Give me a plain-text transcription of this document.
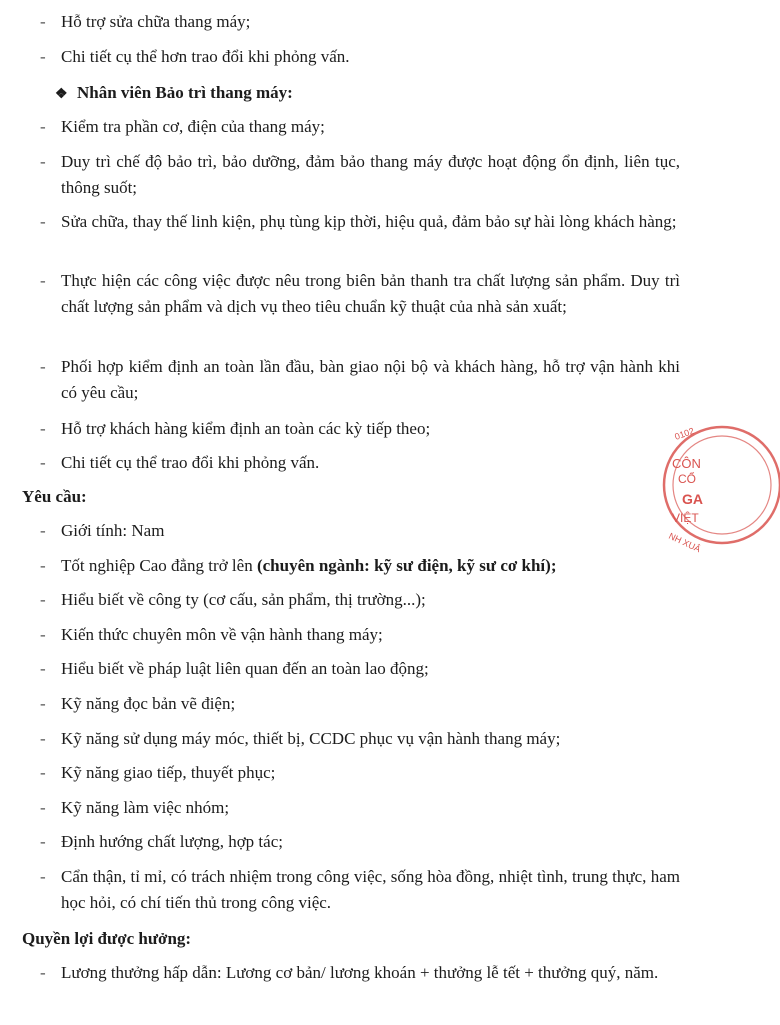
- Hỗ trợ sửa chữa thang máy;
- Chi tiết cụ thể hơn trao đổi khi phỏng vấn.
❖ Nhân viên Bảo trì thang máy:
- Kiểm tra phần cơ, điện của thang máy;
- Duy trì chế độ bảo trì, bảo dưỡng, đảm bảo thang máy được hoạt động ổn định, liên tục, thông suốt;
- Sửa chữa, thay thế linh kiện, phụ tùng kịp thời, hiệu quả, đảm bảo sự hài lòng khách hàng;
- Thực hiện các công việc được nêu trong biên bản thanh tra chất lượng sản phẩm. Duy trì chất lượng sản phẩm và dịch vụ theo tiêu chuẩn kỹ thuật của nhà sản xuất;
- Phối hợp kiểm định an toàn lần đầu, bàn giao nội bộ và khách hàng, hỗ trợ vận hành khi có yêu cầu;
- Hỗ trợ khách hàng kiểm định an toàn các kỳ tiếp theo;
- Chi tiết cụ thể trao đổi khi phỏng vấn.
Yêu cầu:
- Giới tính: Nam
- Tốt nghiệp Cao đẳng trở lên (chuyên ngành: kỹ sư điện, kỹ sư cơ khí);
- Hiểu biết về công ty (cơ cấu, sản phẩm, thị trường...);
- Kiến thức chuyên môn về vận hành thang máy;
- Hiểu biết về pháp luật liên quan đến an toàn lao động;
- Kỹ năng đọc bản vẽ điện;
- Kỹ năng sử dụng máy móc, thiết bị, CCDC phục vụ vận hành thang máy;
- Kỹ năng giao tiếp, thuyết phục;
- Kỹ năng làm việc nhóm;
- Định hướng chất lượng, hợp tác;
- Cẩn thận, tỉ mỉ, có trách nhiệm trong công việc, sống hòa đồng, nhiệt tình, trung thực, ham học hỏi, có chí tiến thủ trong công việc.
Quyền lợi được hưởng:
- Lương thưởng hấp dẫn: Lương cơ bản/ lương khoán + thưởng lễ tết + thưởng quý, năm.
0102
CÔN
CỔ
GA
VIỆT
NH XUÂ
